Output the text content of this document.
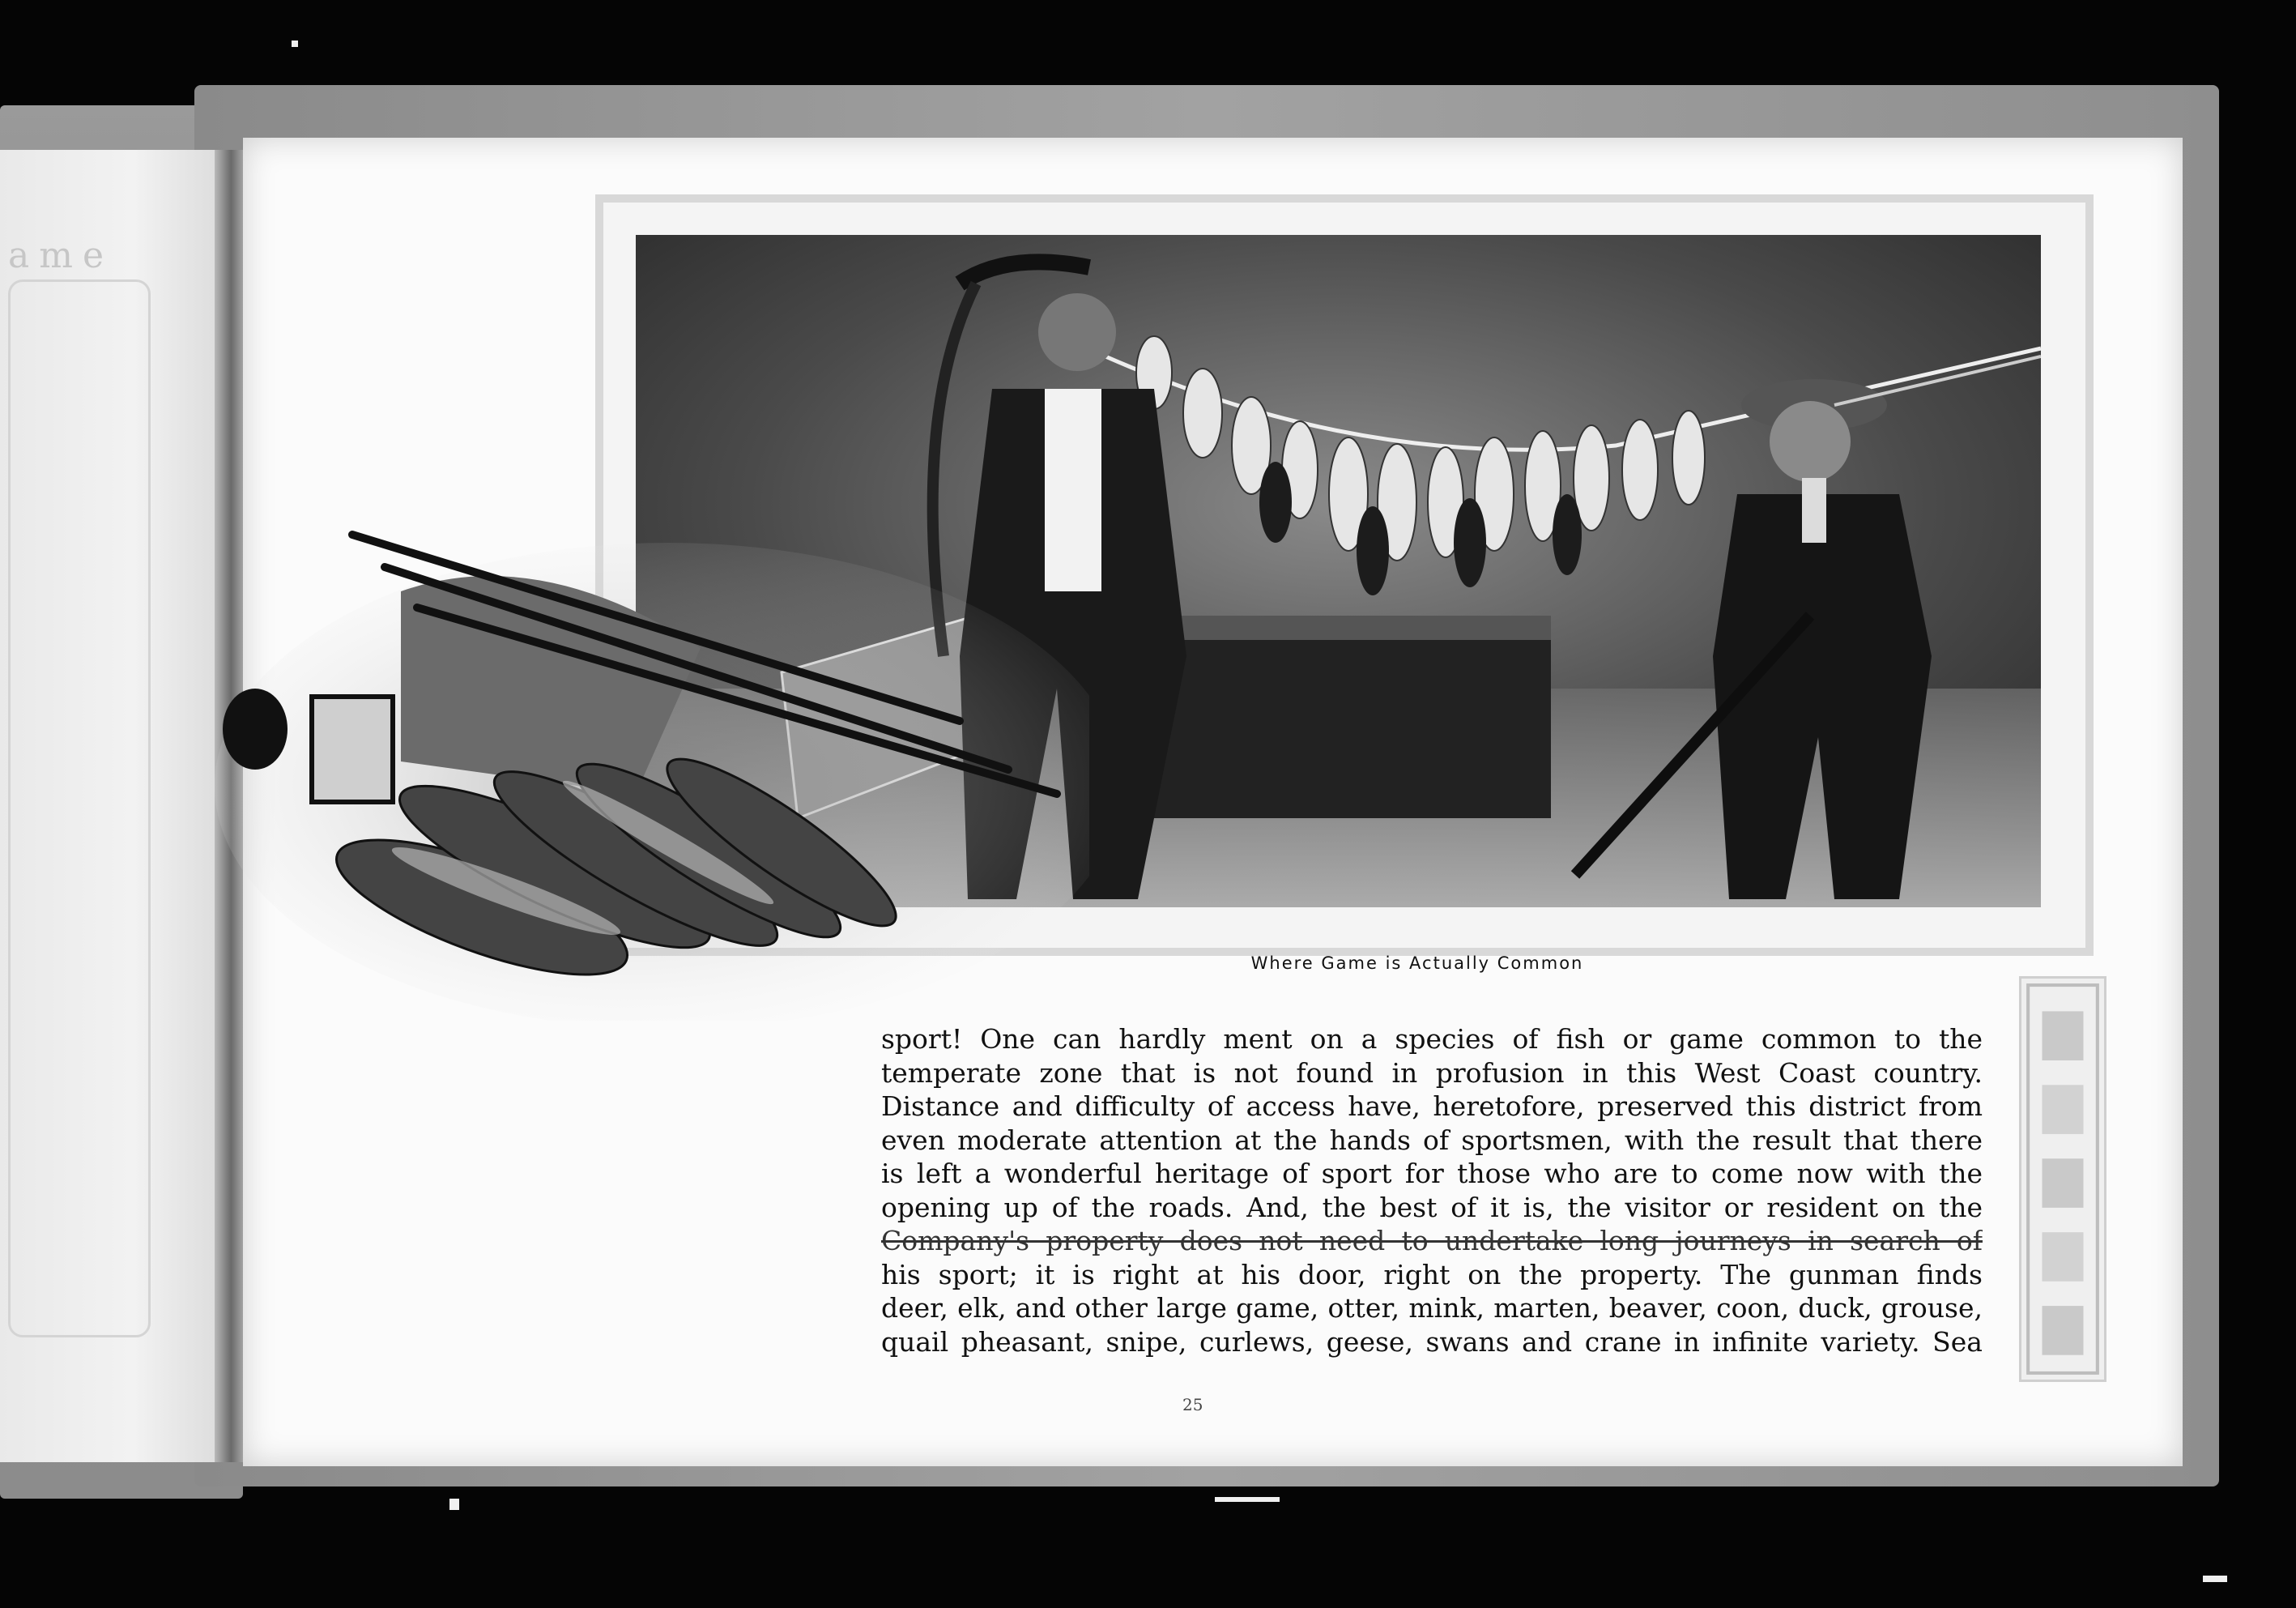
ame
Where Game is Actually Common
sport! One can hardly ment on a species of fish or game common to the
temperate zone that is not found in profusion in this West Coast country.
Distance and difficulty of access have, heretofore, preserved this district from
even moderate attention at the hands of sportsmen, with the result that there
is left a wonderful heritage of sport for those who are to come now with the
opening up of the roads. And, the best of it is, the visitor or resident on the
Company's property does not need to undertake long journeys in search of
his sport; it is right at his door, right on the property. The gunman finds
deer, elk, and other large game, otter, mink, marten, beaver, coon, duck, grouse,
quail pheasant, snipe, curlews, geese, swans and crane in infinite variety. Sea
25
